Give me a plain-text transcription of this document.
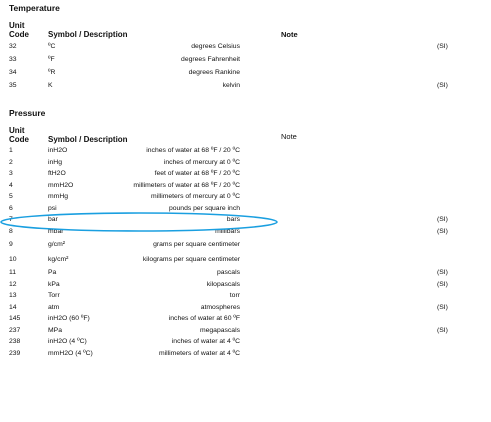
Temperature
Unit
Code Symbol / Description	Note
32	ºC	degrees Celsius	(SI)
33	ºF	degrees Fahrenheit
34	ºR	degrees Rankine
35	K	kelvin	(SI)
Pressure
Unit
Code Symbol / Description	Note
1	inH2O	inches of water at 68 ºF / 20 ºC
2	inHg	inches of mercury at 0 ºC
3	ftH2O	feet of water at 68 ºF / 20 ºC
4	mmH2O	millimeters of water at 68 ºF / 20 ºC
5	mmHg	millimeters of mercury at 0 ºC
6	psi	pounds per square inch
7	bar	bars	(SI)
8	mbar	millibars	(SI)
9	g/cm²	grams per square centimeter
10	kg/cm²	kilograms per square centimeter
11	Pa	pascals	(SI)
12	kPa	kilopascals	(SI)
13	Torr	torr
14	atm	atmospheres	(SI)
145	inH2O (60 ºF)	inches of water at 60 ºF
237	MPa	megapascals	(SI)
238	inH2O (4 ºC)	inches of water at 4 ºC
239	mmH2O (4 ºC)	millimeters of water at 4 ºC
